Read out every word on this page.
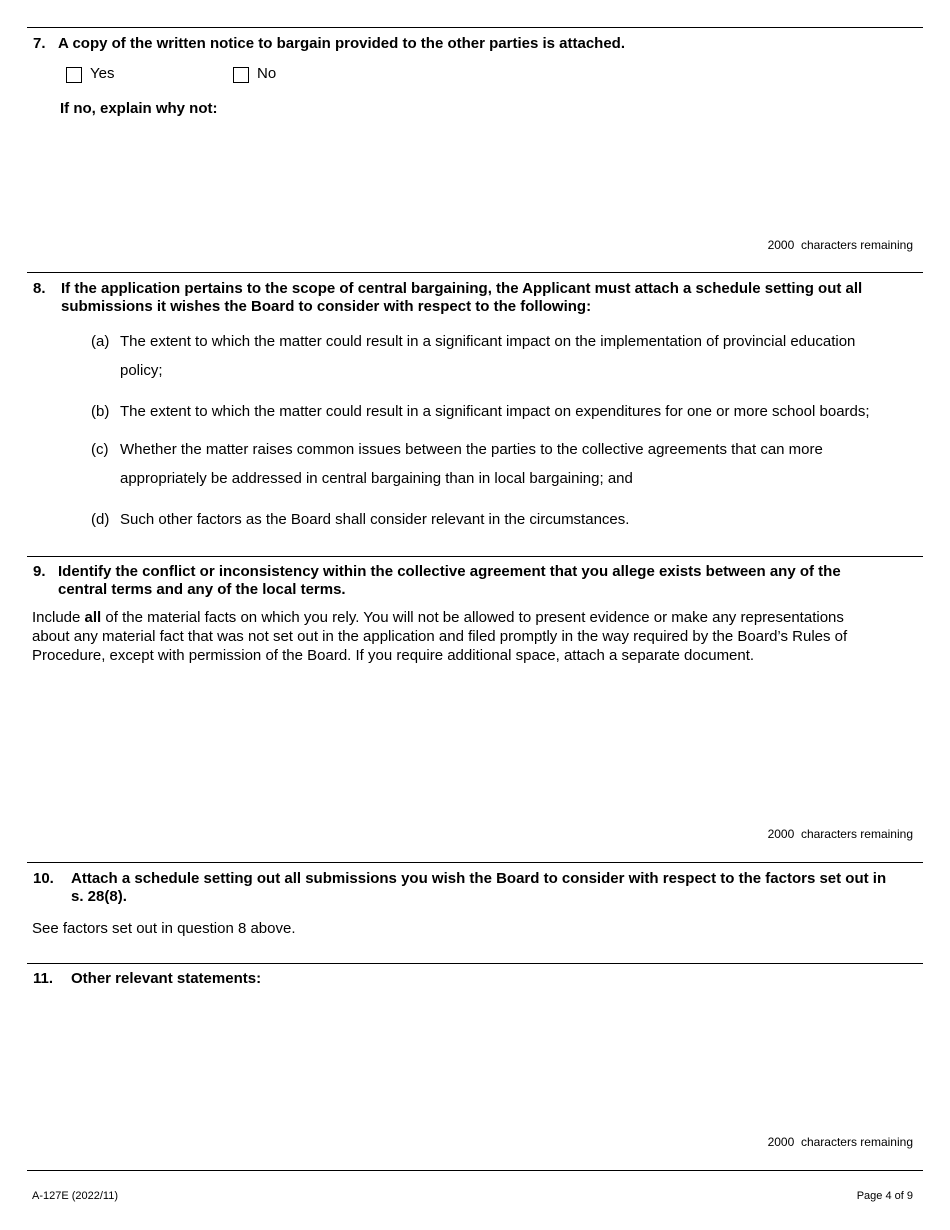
7. A copy of the written notice to bargain provided to the other parties is attached.
Yes	No
If no, explain why not:
2000  characters remaining
8. If the application pertains to the scope of central bargaining, the Applicant must attach a schedule setting out all
submissions it wishes the Board to consider with respect to the following:
(a) The extent to which the matter could result in a significant impact on the implementation of provincial education
policy;
(b) The extent to which the matter could result in a significant impact on expenditures for one or more school boards;
(c) Whether the matter raises common issues between the parties to the collective agreements that can more
appropriately be addressed in central bargaining than in local bargaining; and
(d) Such other factors as the Board shall consider relevant in the circumstances.
9. Identify the conflict or inconsistency within the collective agreement that you allege exists between any of the
central terms and any of the local terms.
Include all of the material facts on which you rely. You will not be allowed to present evidence or make any representations
about any material fact that was not set out in the application and filed promptly in the way required by the Board’s Rules of
Procedure, except with permission of the Board. If you require additional space, attach a separate document.
2000  characters remaining
10. Attach a schedule setting out all submissions you wish the Board to consider with respect to the factors set out in
s. 28(8).
See factors set out in question 8 above.
11. Other relevant statements:
2000  characters remaining
A-127E (2022/11)	Page 4 of 9
